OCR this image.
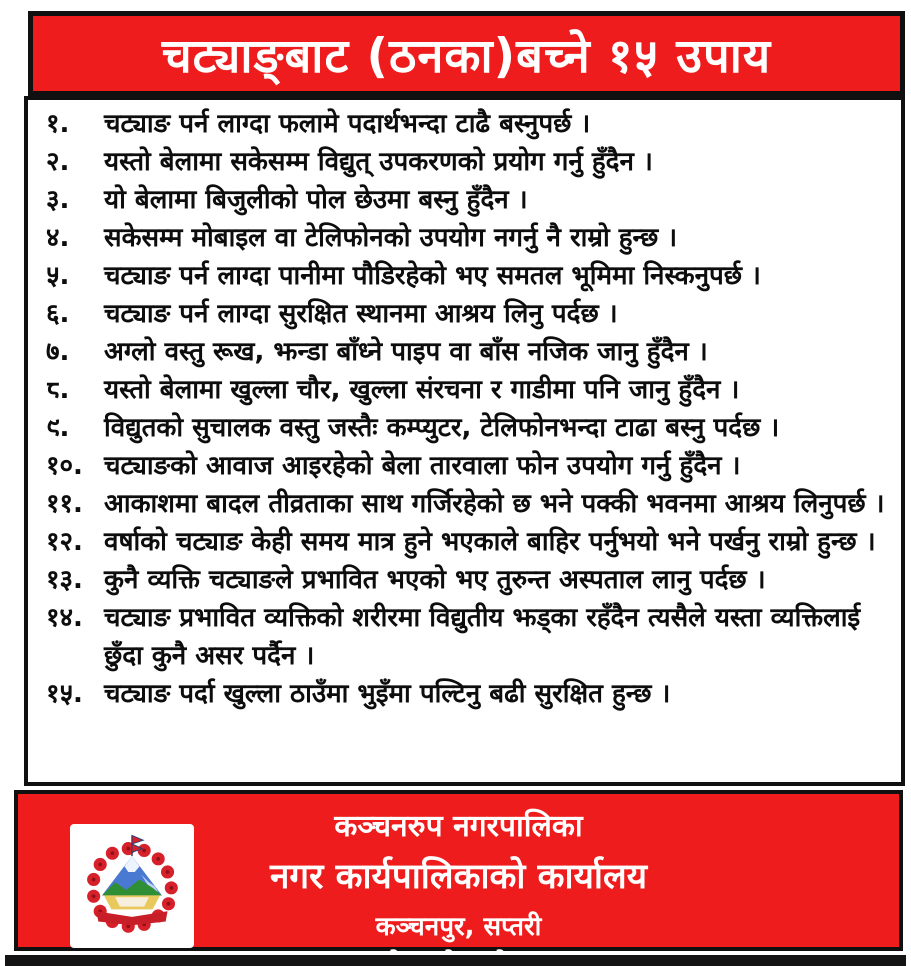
चट्याङ्बाट (ठनका)बच्ने १५ उपाय
१.	चट्याङ पर्न लाग्दा फलामे पदार्थभन्दा टाढै बस्नुपर्छ ।
२.	यस्तो बेलामा सकेसम्म विद्युत् उपकरणको प्रयोग गर्नु हुँदैन ।
३.	यो बेलामा बिजुलीको पोल छेउमा बस्नु हुँदैन ।
४.	सकेसम्म मोबाइल वा टेलिफोनको उपयोग नगर्नु नै राम्रो हुन्छ ।
५.	चट्याङ पर्न लाग्दा पानीमा पौडिरहेको भए समतल भूमिमा निस्कनुपर्छ ।
६.	चट्याङ पर्न लाग्दा सुरक्षित स्थानमा आश्रय लिनु पर्दछ ।
७.	अग्लो वस्तु रूख, झन्डा बाँध्ने पाइप वा बाँस नजिक जानु हुँदैन ।
८.	यस्तो बेलामा खुल्ला चौर, खुल्ला संरचना र गाडीमा पनि जानु हुँदैन ।
९.	विद्युतको सुचालक वस्तु जस्तैः कम्प्युटर, टेलिफोनभन्दा टाढा बस्नु पर्दछ ।
१०. चट्याङको आवाज आइरहेको बेला तारवाला फोन उपयोग गर्नु हुँदैन ।
११. आकाशमा बादल तीव्रताका साथ गर्जिरहेको छ भने पक्की भवनमा आश्रय लिनुपर्छ ।
१२. वर्षाको चट्याङ केही समय मात्र हुने भएकाले बाहिर पर्नुभयो भने पर्खनु राम्रो हुन्छ ।
१३. कुनै व्यक्ति चट्याङले प्रभावित भएको भए तुरुन्त अस्पताल लानु पर्दछ ।
१४. चट्याङ प्रभावित व्यक्तिको शरीरमा विद्युतीय झड्का रहँदैन त्यसैले यस्ता व्यक्तिलाई छुँदा कुनै असर पर्दैन ।
१५. चट्याङ पर्दा खुल्ला ठाउँमा भुइँमा पल्टिनु बढी सुरक्षित हुन्छ ।
कञ्चनरुप नगरपालिका
नगर कार्यपालिकाको कार्यालय
कञ्चनपुर, सप्तरी
